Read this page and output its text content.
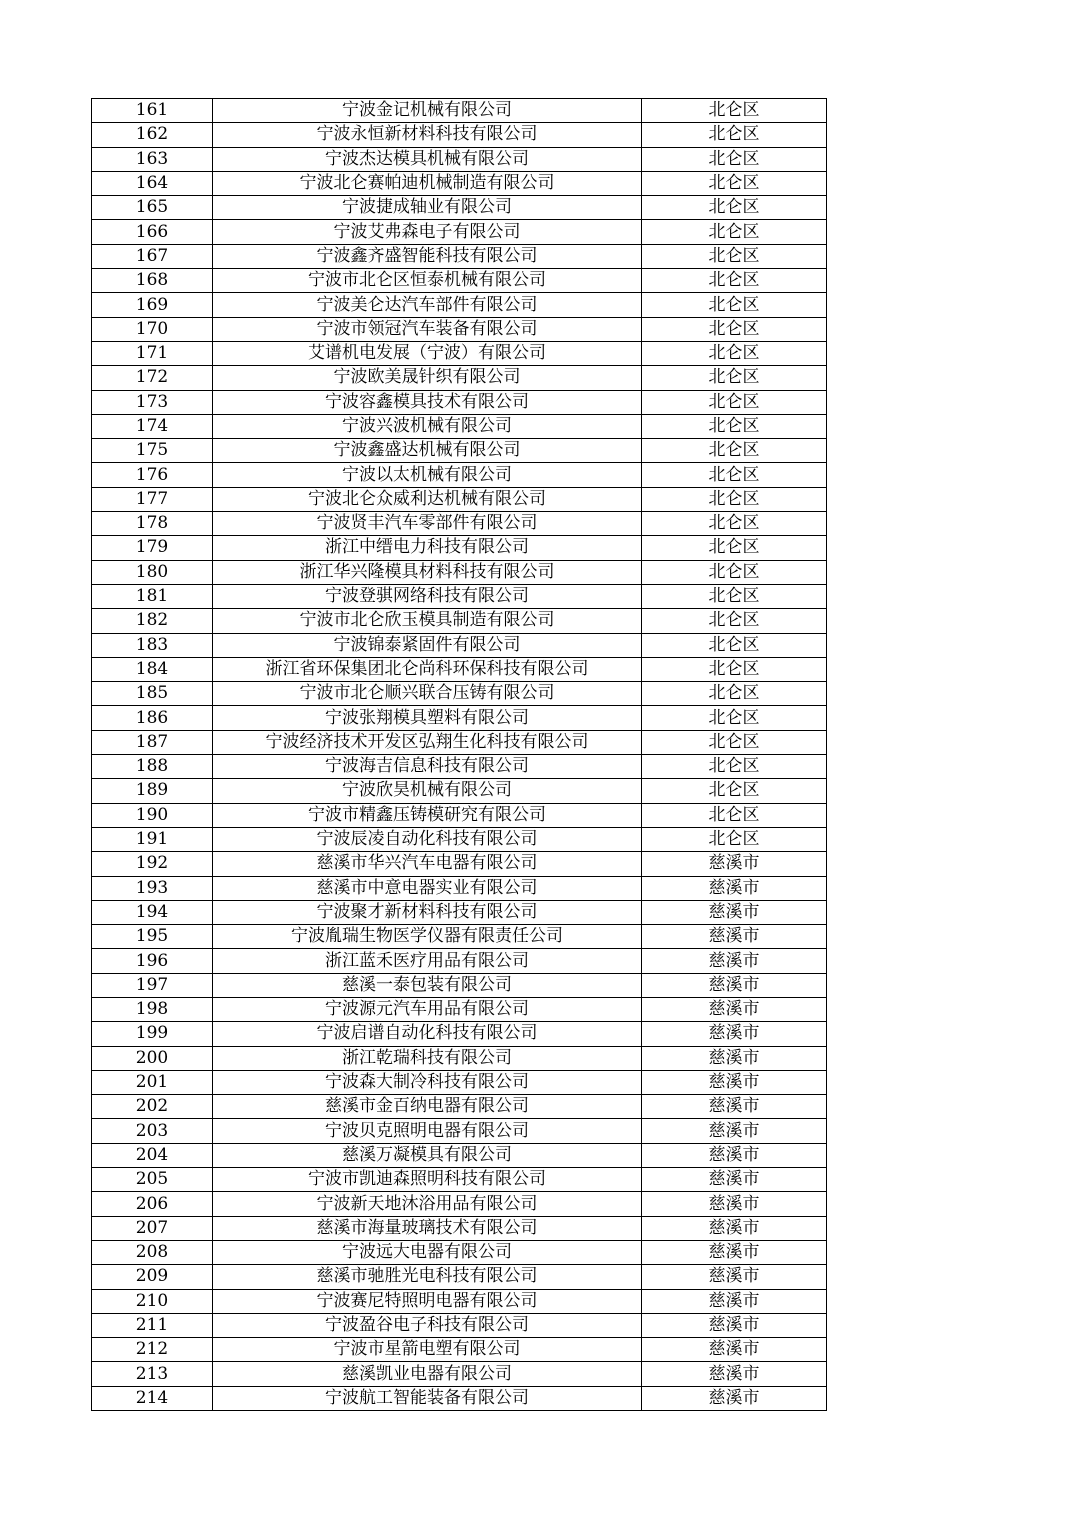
161	宁波金记机械有限公司	北仑区
162	宁波永恒新材料科技有限公司	北仑区
163	宁波杰达模具机械有限公司	北仑区
164	宁波北仑赛帕迪机械制造有限公司	北仑区
165	宁波捷成轴业有限公司	北仑区
166	宁波艾弗森电子有限公司	北仑区
167	宁波鑫齐盛智能科技有限公司	北仑区
168	宁波市北仑区恒泰机械有限公司	北仑区
169	宁波美仑达汽车部件有限公司	北仑区
170	宁波市领冠汽车装备有限公司	北仑区
171	艾谱机电发展（宁波）有限公司	北仑区
172	宁波欧美晟针织有限公司	北仑区
173	宁波容鑫模具技术有限公司	北仑区
174	宁波兴波机械有限公司	北仑区
175	宁波鑫盛达机械有限公司	北仑区
176	宁波以太机械有限公司	北仑区
177	宁波北仑众威利达机械有限公司	北仑区
178	宁波贤丰汽车零部件有限公司	北仑区
179	浙江中缙电力科技有限公司	北仑区
180	浙江华兴隆模具材料科技有限公司	北仑区
181	宁波登骐网络科技有限公司	北仑区
182	宁波市北仑欣玉模具制造有限公司	北仑区
183	宁波锦泰紧固件有限公司	北仑区
184	浙江省环保集团北仑尚科环保科技有限公司	北仑区
185	宁波市北仑顺兴联合压铸有限公司	北仑区
186	宁波张翔模具塑料有限公司	北仑区
187	宁波经济技术开发区弘翔生化科技有限公司	北仑区
188	宁波海吉信息科技有限公司	北仑区
189	宁波欣昊机械有限公司	北仑区
190	宁波市精鑫压铸模研究有限公司	北仑区
191	宁波辰凌自动化科技有限公司	北仑区
192	慈溪市华兴汽车电器有限公司	慈溪市
193	慈溪市中意电器实业有限公司	慈溪市
194	宁波聚才新材料科技有限公司	慈溪市
195	宁波胤瑞生物医学仪器有限责任公司	慈溪市
196	浙江蓝禾医疗用品有限公司	慈溪市
197	慈溪一泰包装有限公司	慈溪市
198	宁波源元汽车用品有限公司	慈溪市
199	宁波启谱自动化科技有限公司	慈溪市
200	浙江乾瑞科技有限公司	慈溪市
201	宁波森大制冷科技有限公司	慈溪市
202	慈溪市金百纳电器有限公司	慈溪市
203	宁波贝克照明电器有限公司	慈溪市
204	慈溪万凝模具有限公司	慈溪市
205	宁波市凯迪森照明科技有限公司	慈溪市
206	宁波新天地沐浴用品有限公司	慈溪市
207	慈溪市海量玻璃技术有限公司	慈溪市
208	宁波远大电器有限公司	慈溪市
209	慈溪市驰胜光电科技有限公司	慈溪市
210	宁波赛尼特照明电器有限公司	慈溪市
211	宁波盈谷电子科技有限公司	慈溪市
212	宁波市星箭电塑有限公司	慈溪市
213	慈溪凯业电器有限公司	慈溪市
214	宁波航工智能装备有限公司	慈溪市
